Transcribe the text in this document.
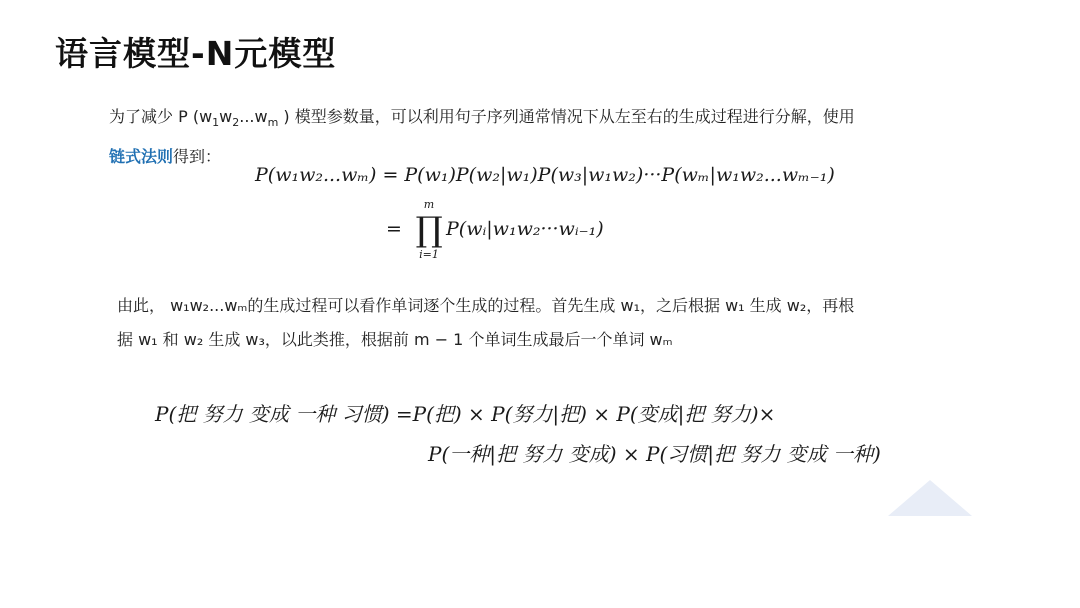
语言模型-N元模型
为了减少 P ($w_1w_2...w_m$ ) 模型参数量，可以利用句子序列通常情况下从左至右的生成过程进行分解，使用
链式法则得到：
P(w₁w₂...wₘ) = P(w₁)P(w₂|w₁)P(w₃|w₁w₂)···P(wₘ|w₁w₂...wₘ₋₁)
=
m
∏
i=1
P(wᵢ|w₁w₂···wᵢ₋₁)
由此， w₁w₂...wₘ的生成过程可以看作单词逐个生成的过程。首先生成 w₁，之后根据 w₁ 生成 w₂，再根
据 w₁ 和 w₂ 生成 w₃，以此类推，根据前 m − 1 个单词生成最后一个单词 wₘ
P(把 努力 变成 一种 习惯) =P(把) × P(努力|把) × P(变成|把 努力)×
P(一种|把 努力 变成) × P(习惯|把 努力 变成 一种)
